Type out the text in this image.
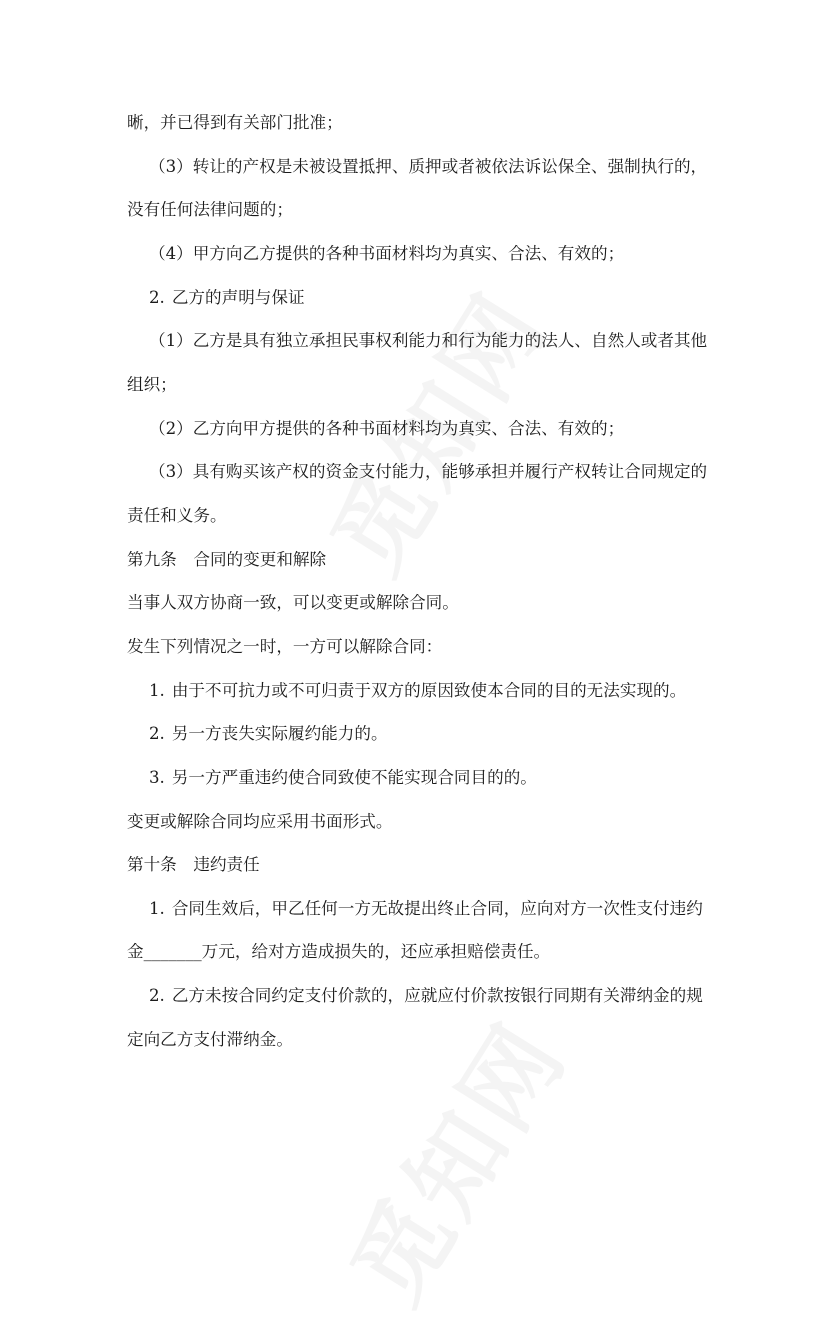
晰，并已得到有关部门批准；
（3）转让的产权是未被设置抵押、质押或者被依法诉讼保全、强制执行的，
没有任何法律问题的；
（4）甲方向乙方提供的各种书面材料均为真实、合法、有效的；
2. 乙方的声明与保证
（1）乙方是具有独立承担民事权利能力和行为能力的法人、自然人或者其他
组织；
（2）乙方向甲方提供的各种书面材料均为真实、合法、有效的；
（3）具有购买该产权的资金支付能力，能够承担并履行产权转让合同规定的
责任和义务。
第九条　合同的变更和解除
当事人双方协商一致，可以变更或解除合同。
发生下列情况之一时，一方可以解除合同：
1. 由于不可抗力或不可归责于双方的原因致使本合同的目的无法实现的。
2. 另一方丧失实际履约能力的。
3. 另一方严重违约使合同致使不能实现合同目的的。
变更或解除合同均应采用书面形式。
第十条　违约责任
1. 合同生效后，甲乙任何一方无故提出终止合同，应向对方一次性支付违约
金_______万元，给对方造成损失的，还应承担赔偿责任。
2. 乙方未按合同约定支付价款的，应就应付价款按银行同期有关滞纳金的规
定向乙方支付滞纳金。
